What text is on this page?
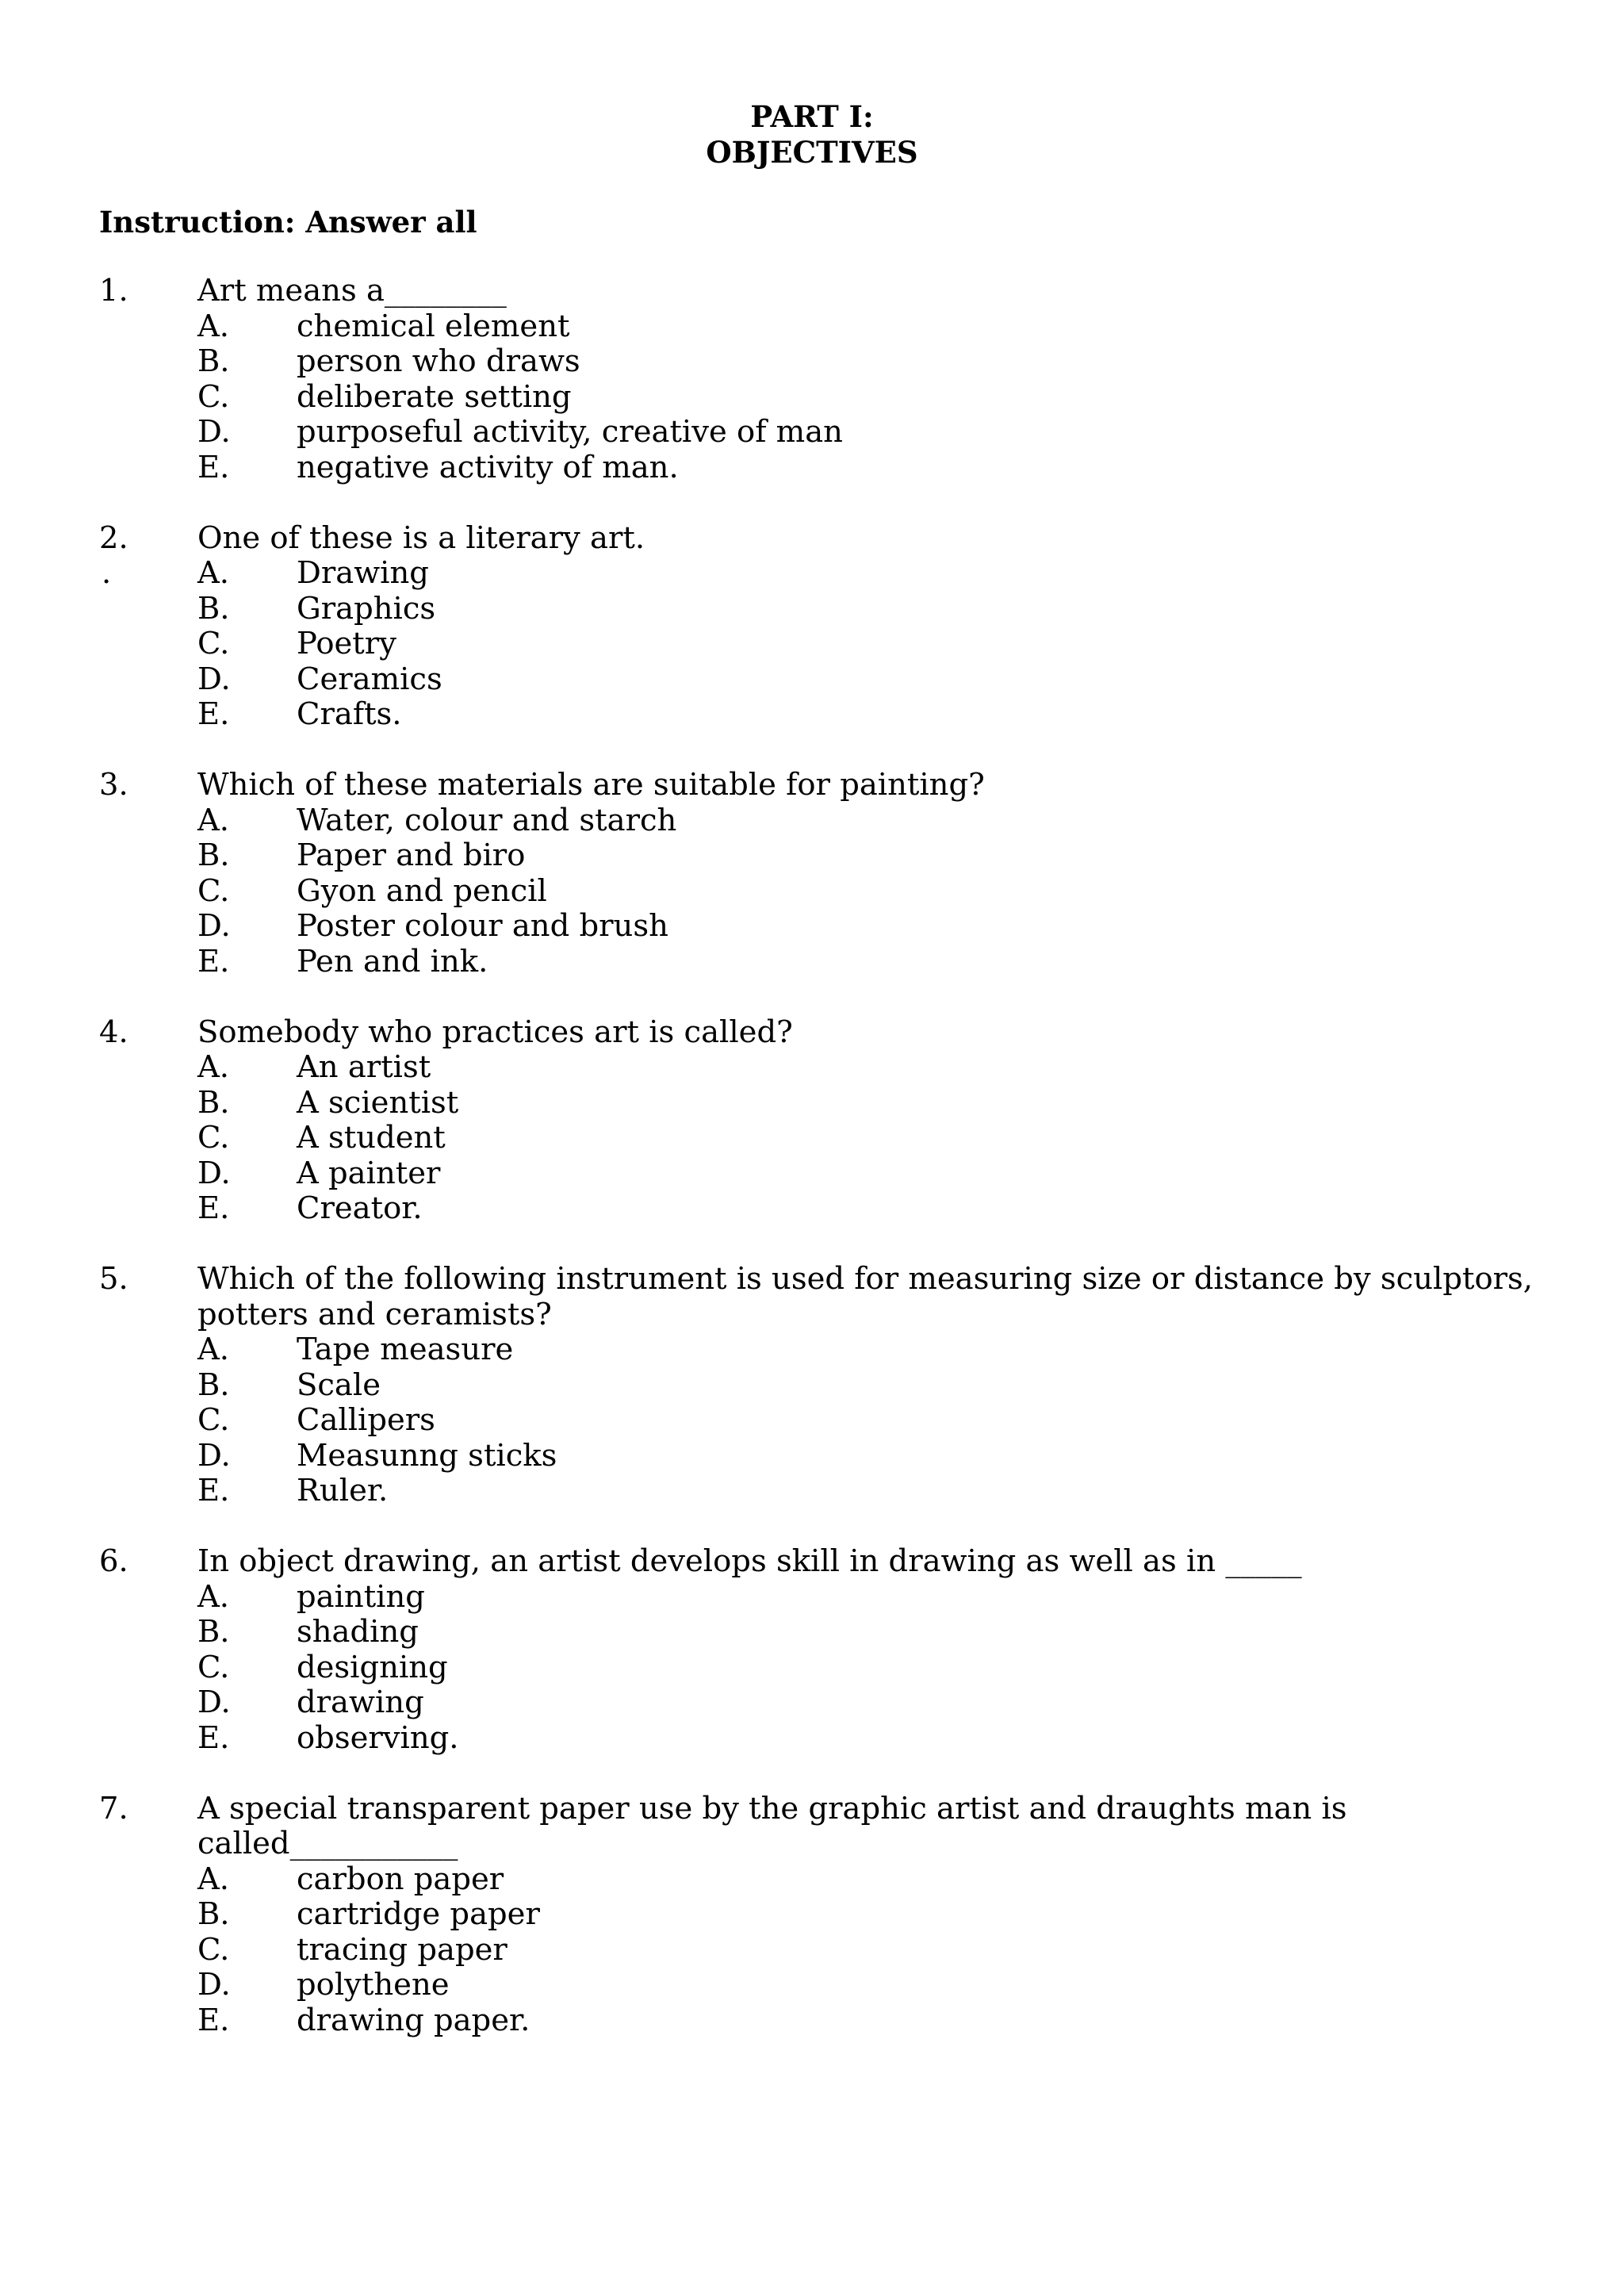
PART I:
OBJECTIVES
Instruction: Answer all
1. Art means a________
A. chemical element
B. person who draws
C. deliberate setting
D. purposeful activity, creative of man
E. negative activity of man.
2. One of these is a literary art.
.	A. Drawing
B. Graphics
C. Poetry
D. Ceramics
E. Crafts.
3. Which of these materials are suitable for painting?
A. Water, colour and starch
B. Paper and biro
C. Gyon and pencil
D. Poster colour and brush
E. Pen and ink.
4. Somebody who practices art is called?
A. An artist
B. A scientist
C. A student
D. A painter
E. Creator.
5. Which of the following instrument is used for measuring size or distance by sculptors,
potters and ceramists?
A. Tape measure
B. Scale
C. Callipers
D. Measunng sticks
E. Ruler.
6. In object drawing, an artist develops skill in drawing as well as in _____
A. painting
B. shading
C. designing
D. drawing
E. observing.
7. A special transparent paper use by the graphic artist and draughts man is
called___________
A. carbon paper
B. cartridge paper
C. tracing paper
D. polythene
E. drawing paper.
